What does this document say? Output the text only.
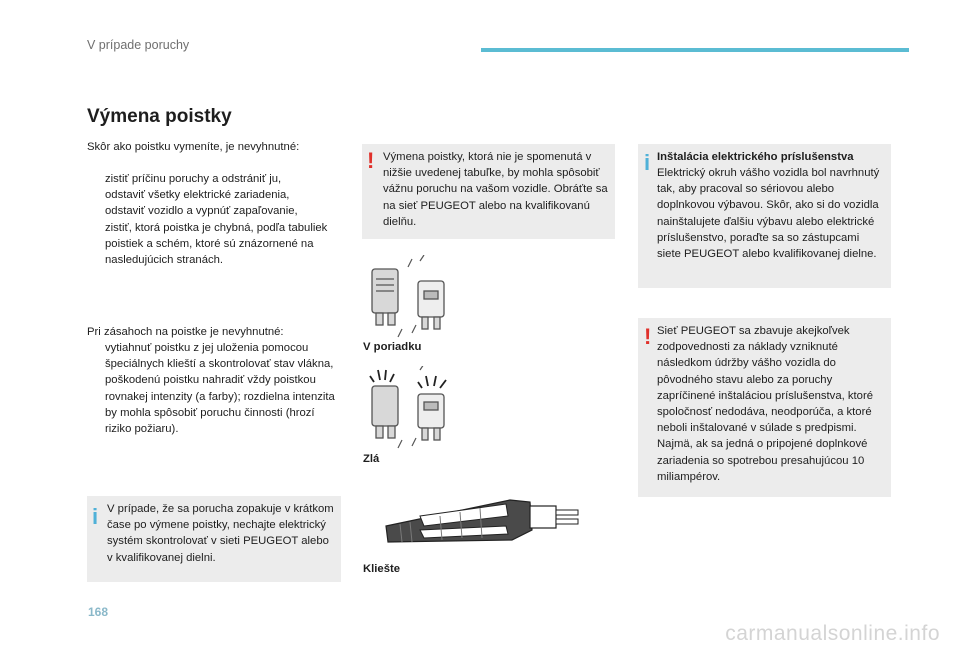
V prípade poruchy
Výmena poistky
Skôr ako poistku vymeníte, je nevyhnutné:
zistiť príčinu poruchy a odstrániť ju,
odstaviť všetky elektrické zariadenia,
odstaviť vozidlo a vypnúť zapaľovanie,
zistiť, ktorá poistka je chybná, podľa tabuliek poistiek a schém, ktoré sú znázornené na nasledujúcich stranách.
Pri zásahoch na poistke je nevyhnutné:
vytiahnuť poistku z jej uloženia pomocou špeciálnych klieští a skontrolovať stav vlákna,
poškodenú poistku nahradiť vždy poistkou rovnakej intenzity (a farby); rozdielna intenzita by mohla spôsobiť poruchu činnosti (hrozí riziko požiaru).
i V prípade, že sa porucha zopakuje v krátkom čase po výmene poistky, nechajte elektrický systém skontrolovať v sieti PEUGEOT alebo v kvalifikovanej dielni.
! Výmena poistky, ktorá nie je spomenutá v nižšie uvedenej tabuľke, by mohla spôsobiť vážnu poruchu na vašom vozidle. Obráťte sa na sieť PEUGEOT alebo na kvalifikovanú dielňu.
V poriadku
Zlá
Kliešte
i Inštalácia elektrického príslušenstva
Elektrický okruh vášho vozidla bol navrhnutý tak, aby pracoval so sériovou alebo doplnkovou výbavou. Skôr, ako si do vozidla nainštalujete ďalšiu výbavu alebo elektrické príslušenstvo, poraďte sa so zástupcami siete PEUGEOT alebo kvalifikovanej dielne.
! Sieť PEUGEOT sa zbavuje akejkoľvek zodpovednosti za náklady vzniknuté následkom údržby vášho vozidla do pôvodného stavu alebo za poruchy zapríčinené inštaláciou príslušenstva, ktoré spoločnosť nedodáva, neodporúča, a ktoré neboli inštalované v súlade s predpismi. Najmä, ak sa jedná o pripojené doplnkové zariadenia so spotrebou presahujúcou 10 miliampérov.
168
carmanualsonline.info
